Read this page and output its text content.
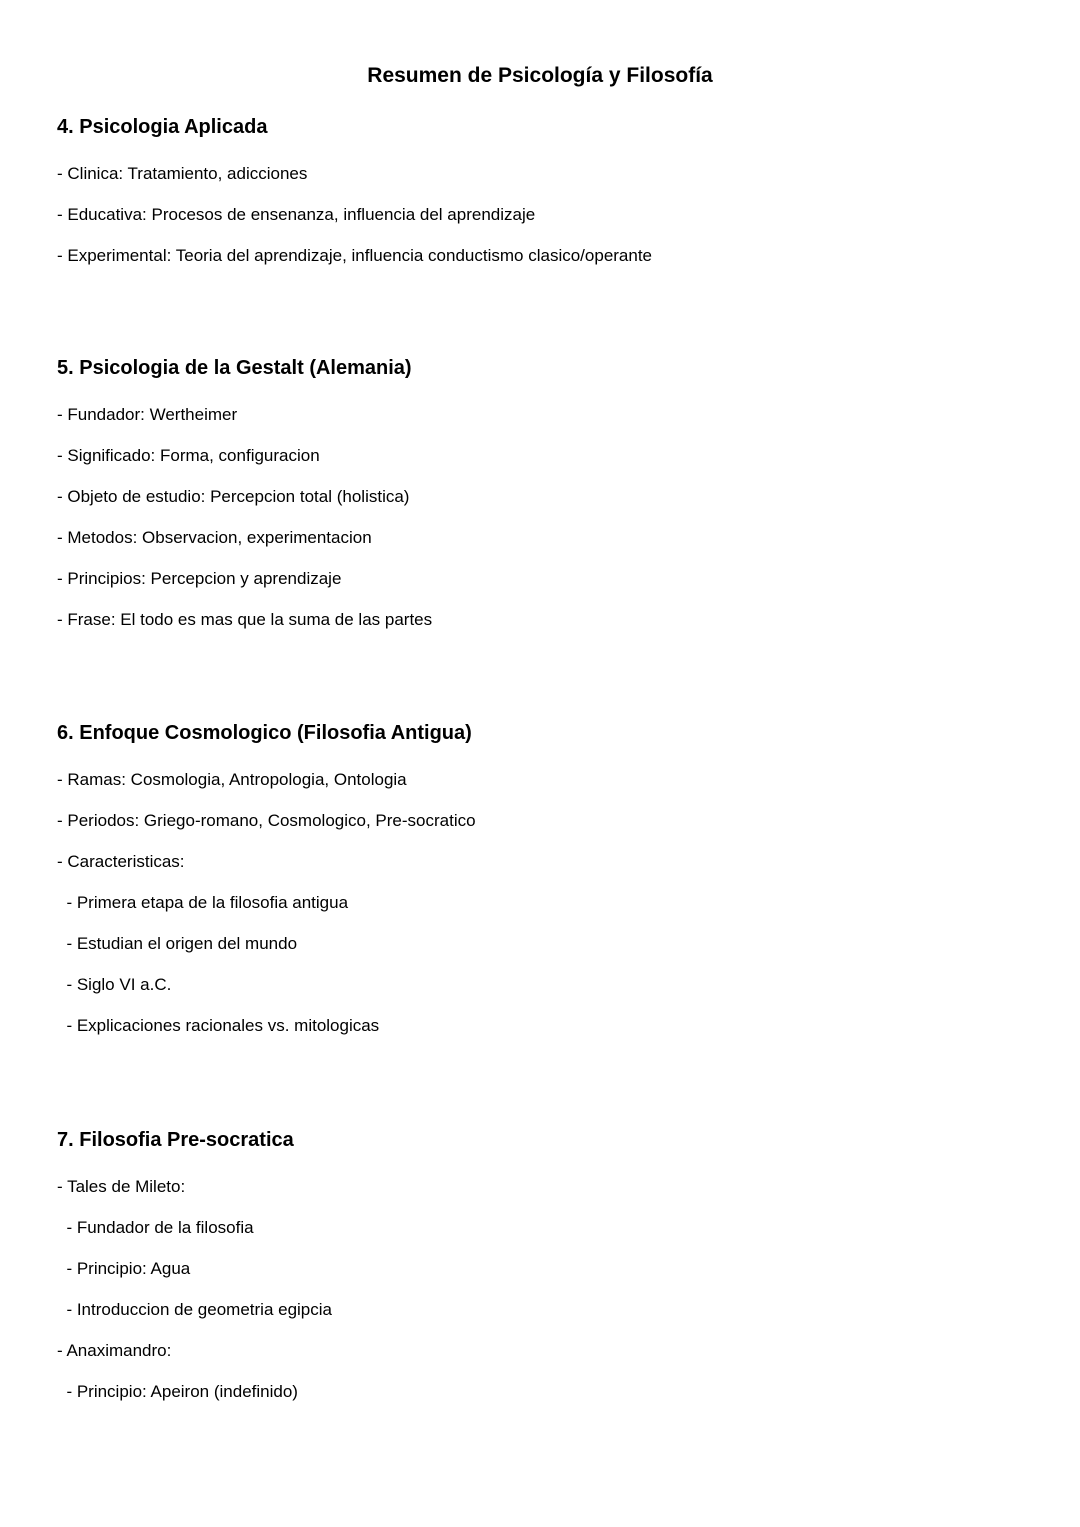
Resumen de Psicología y Filosofía
4. Psicologia Aplicada
- Clinica: Tratamiento, adicciones
- Educativa: Procesos de ensenanza, influencia del aprendizaje
- Experimental: Teoria del aprendizaje, influencia conductismo clasico/operante
5. Psicologia de la Gestalt (Alemania)
- Fundador: Wertheimer
- Significado: Forma, configuracion
- Objeto de estudio: Percepcion total (holistica)
- Metodos: Observacion, experimentacion
- Principios: Percepcion y aprendizaje
- Frase: El todo es mas que la suma de las partes
6. Enfoque Cosmologico (Filosofia Antigua)
- Ramas: Cosmologia, Antropologia, Ontologia
- Periodos: Griego-romano, Cosmologico, Pre-socratico
- Caracteristicas:
- Primera etapa de la filosofia antigua
- Estudian el origen del mundo
- Siglo VI a.C.
- Explicaciones racionales vs. mitologicas
7. Filosofia Pre-socratica
- Tales de Mileto:
- Fundador de la filosofia
- Principio: Agua
- Introduccion de geometria egipcia
- Anaximandro:
- Principio: Apeiron (indefinido)
